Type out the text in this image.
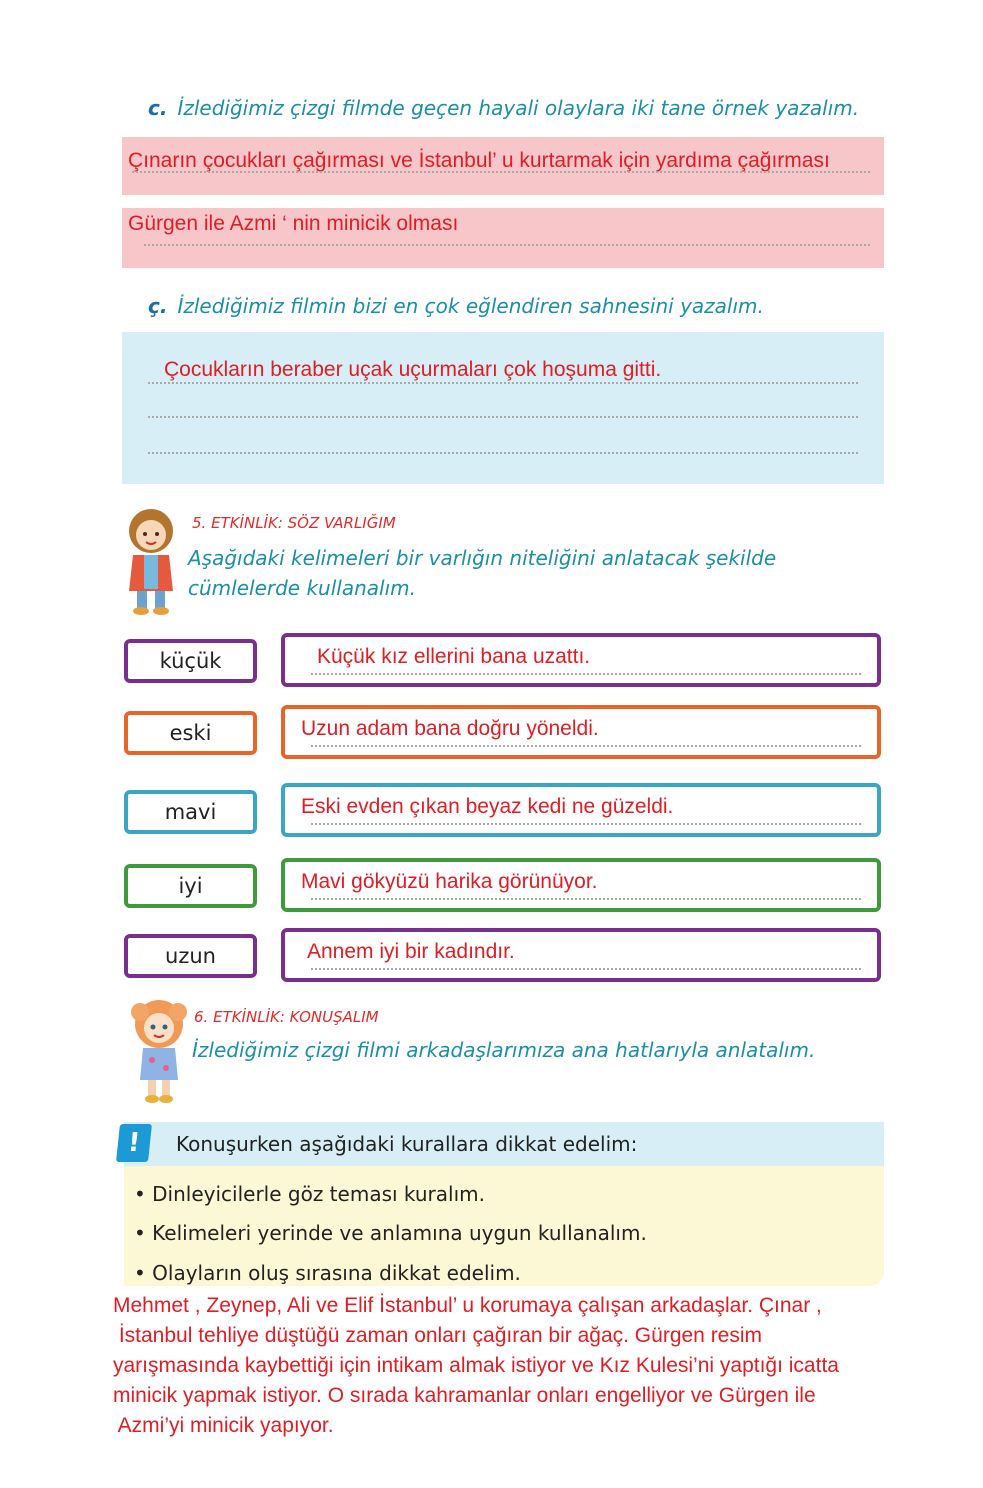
c. İzlediğimiz çizgi filmde geçen hayali olaylara iki tane örnek yazalım.
Çınarın çocukları çağırması ve İstanbul’ u kurtarmak için yardıma çağırması
Gürgen ile Azmi ‘ nin minicik olması
ç. İzlediğimiz filmin bizi en çok eğlendiren sahnesini yazalım.
Çocukların beraber uçak uçurmaları çok hoşuma gitti.
5. ETKİNLİK: SÖZ VARLIĞIM
Aşağıdaki kelimeleri bir varlığın niteliğini anlatacak şekilde cümlelerde kullanalım.
küçük	Küçük kız ellerini bana uzattı.
eski	Uzun adam bana doğru yöneldi.
mavi	Eski evden çıkan beyaz kedi ne güzeldi.
iyi	Mavi gökyüzü harika görünüyor.
uzun	Annem iyi bir kadındır.
6. ETKİNLİK: KONUŞALIM
İzlediğimiz çizgi filmi arkadaşlarımıza ana hatlarıyla anlatalım.
!	Konuşurken aşağıdaki kurallara dikkat edelim:
• Dinleyicilerle göz teması kuralım.
• Kelimeleri yerinde ve anlamına uygun kullanalım.
• Olayların oluş sırasına dikkat edelim.
Mehmet , Zeynep, Ali ve Elif İstanbul’ u korumaya çalışan arkadaşlar. Çınar ,
İstanbul tehliye düştüğü zaman onları çağıran bir ağaç. Gürgen resim
yarışmasında kaybettiği için intikam almak istiyor ve Kız Kulesi’ni yaptığı icatta
minicik yapmak istiyor. O sırada kahramanlar onları engelliyor ve Gürgen ile
Azmi’yi minicik yapıyor.
